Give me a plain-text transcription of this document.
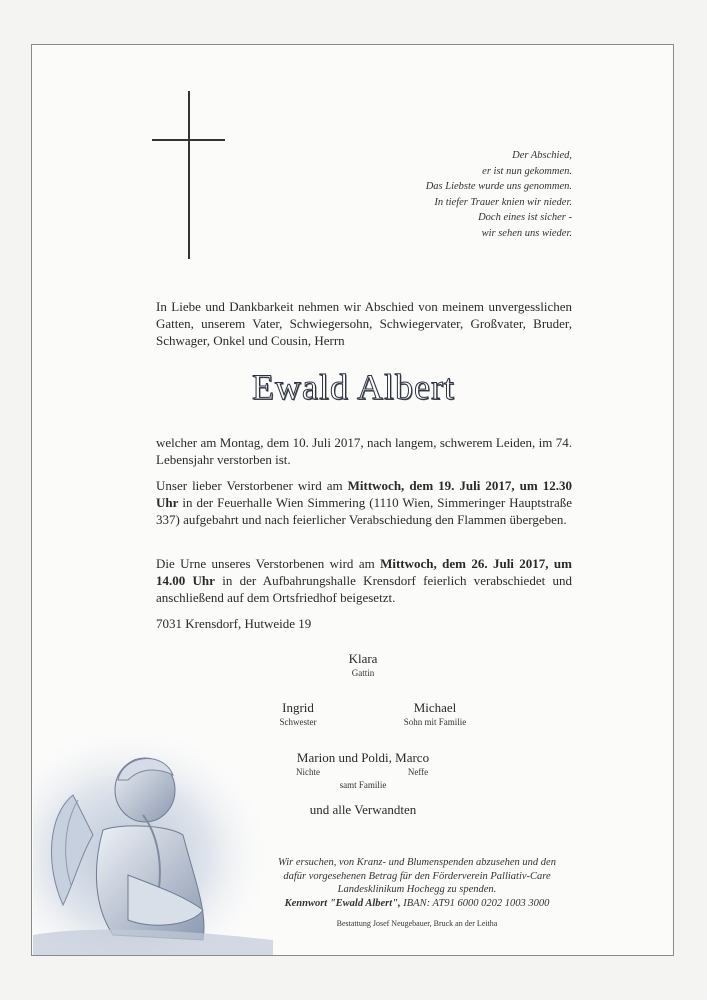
Der Abschied,
er ist nun gekommen.
Das Liebste wurde uns genommen.
In tiefer Trauer knien wir nieder.
Doch eines ist sicher -
wir sehen uns wieder.
In Liebe und Dankbarkeit nehmen wir Abschied von meinem unvergesslichen Gatten, unserem Vater, Schwiegersohn, Schwiegervater, Großvater, Bruder, Schwager, Onkel und Cousin, Herrn
Ewald Albert
welcher am Montag, dem 10. Juli 2017, nach langem, schwerem Leiden, im 74. Lebensjahr verstorben ist.
Unser lieber Verstorbener wird am Mittwoch, dem 19. Juli 2017, um 12.30 Uhr in der Feuerhalle Wien Simmering (1110 Wien, Simmeringer Hauptstraße 337) aufgebahrt und nach feierlicher Verabschiedung den Flammen übergeben.
Die Urne unseres Verstorbenen wird am Mittwoch, dem 26. Juli 2017, um 14.00 Uhr in der Aufbahrungshalle Krensdorf feierlich verabschiedet und anschließend auf dem Ortsfriedhof beigesetzt.
7031 Krensdorf, Hutweide 19
Klara
Gattin
Ingrid
Schwester
Michael
Sohn mit Familie
Marion und Poldi, Marco
Nichte	Neffe
samt Familie
und alle Verwandten
Wir ersuchen, von Kranz- und Blumenspenden abzusehen und den
dafür vorgesehenen Betrag für den Förderverein Palliativ-Care
Landesklinikum Hochegg zu spenden.
Kennwort "Ewald Albert", IBAN: AT91 6000 0202 1003 3000
Bestattung Josef Neugebauer, Bruck an der Leitha
